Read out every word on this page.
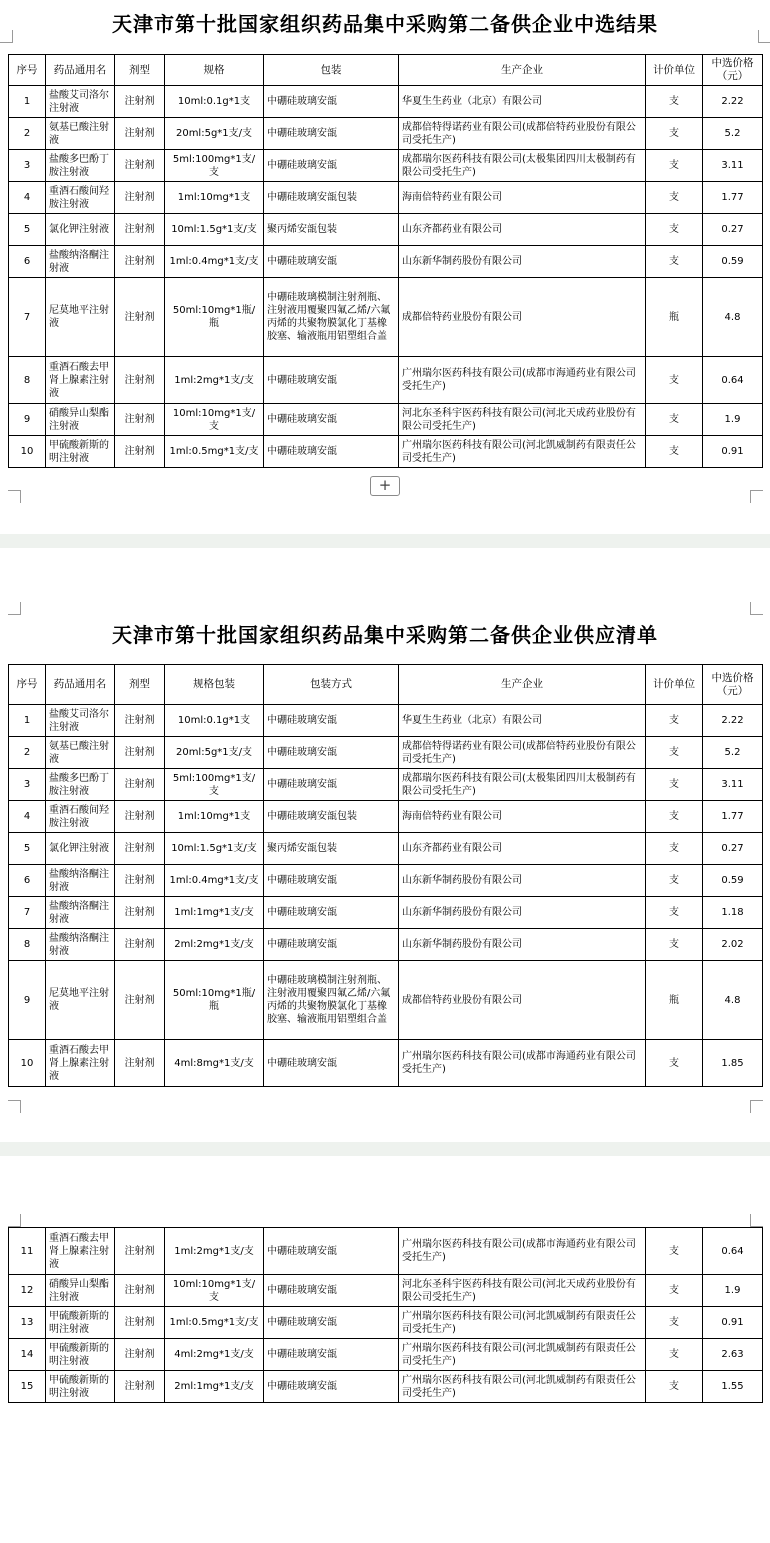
天津市第十批国家组织药品集中采购第二备供企业中选结果
序号	药品通用名	剂型	规格	包装	生产企业	计价单位	中选价格（元）
1	盐酸艾司洛尔注射液	注射剂	10ml:0.1g*1支	中硼硅玻璃安瓿	华夏生生药业（北京）有限公司	支	2.22
2	氨基已酸注射液	注射剂	20ml:5g*1支/支	中硼硅玻璃安瓿	成都倍特得诺药业有限公司(成都倍特药业股份有限公司受托生产)	支	5.2
3	盐酸多巴酚丁胺注射液	注射剂	5ml:100mg*1支/支	中硼硅玻璃安瓿	成都瑞尔医药科技有限公司(太极集团四川太极制药有限公司受托生产)	支	3.11
4	重酒石酸间羟胺注射液	注射剂	1ml:10mg*1支	中硼硅玻璃安瓿包装	海南倍特药业有限公司	支	1.77
5	氯化钾注射液	注射剂	10ml:1.5g*1支/支	聚丙烯安瓿包装	山东齐都药业有限公司	支	0.27
6	盐酸纳洛酮注射液	注射剂	1ml:0.4mg*1支/支	中硼硅玻璃安瓿	山东新华制药股份有限公司	支	0.59
7	尼莫地平注射液	注射剂	50ml:10mg*1瓶/瓶	中硼硅玻璃模制注射剂瓶、注射液用覆聚四氟乙烯/六氟丙烯的共聚物膜氯化丁基橡胶塞、输液瓶用铝塑组合盖	成都倍特药业股份有限公司	瓶	4.8
8	重酒石酸去甲肾上腺素注射液	注射剂	1ml:2mg*1支/支	中硼硅玻璃安瓿	广州瑞尔医药科技有限公司(成都市海通药业有限公司受托生产)	支	0.64
9	硝酸异山梨酯注射液	注射剂	10ml:10mg*1支/支	中硼硅玻璃安瓿	河北东圣科宇医药科技有限公司(河北天成药业股份有限公司受托生产)	支	1.9
10	甲硫酸新斯的明注射液	注射剂	1ml:0.5mg*1支/支	中硼硅玻璃安瓿	广州瑞尔医药科技有限公司(河北凯威制药有限责任公司受托生产)	支	0.91
+
天津市第十批国家组织药品集中采购第二备供企业供应清单
序号	药品通用名	剂型	规格包装	包装方式	生产企业	计价单位	中选价格（元）
1	盐酸艾司洛尔注射液	注射剂	10ml:0.1g*1支	中硼硅玻璃安瓿	华夏生生药业（北京）有限公司	支	2.22
2	氨基已酸注射液	注射剂	20ml:5g*1支/支	中硼硅玻璃安瓿	成都倍特得诺药业有限公司(成都倍特药业股份有限公司受托生产)	支	5.2
3	盐酸多巴酚丁胺注射液	注射剂	5ml:100mg*1支/支	中硼硅玻璃安瓿	成都瑞尔医药科技有限公司(太极集团四川太极制药有限公司受托生产)	支	3.11
4	重酒石酸间羟胺注射液	注射剂	1ml:10mg*1支	中硼硅玻璃安瓿包装	海南倍特药业有限公司	支	1.77
5	氯化钾注射液	注射剂	10ml:1.5g*1支/支	聚丙烯安瓿包装	山东齐都药业有限公司	支	0.27
6	盐酸纳洛酮注射液	注射剂	1ml:0.4mg*1支/支	中硼硅玻璃安瓿	山东新华制药股份有限公司	支	0.59
7	盐酸纳洛酮注射液	注射剂	1ml:1mg*1支/支	中硼硅玻璃安瓿	山东新华制药股份有限公司	支	1.18
8	盐酸纳洛酮注射液	注射剂	2ml:2mg*1支/支	中硼硅玻璃安瓿	山东新华制药股份有限公司	支	2.02
9	尼莫地平注射液	注射剂	50ml:10mg*1瓶/瓶	中硼硅玻璃模制注射剂瓶、注射液用覆聚四氟乙烯/六氟丙烯的共聚物膜氯化丁基橡胶塞、输液瓶用铝塑组合盖	成都倍特药业股份有限公司	瓶	4.8
10	重酒石酸去甲肾上腺素注射液	注射剂	4ml:8mg*1支/支	中硼硅玻璃安瓿	广州瑞尔医药科技有限公司(成都市海通药业有限公司受托生产)	支	1.85
11	重酒石酸去甲肾上腺素注射液	注射剂	1ml:2mg*1支/支	中硼硅玻璃安瓿	广州瑞尔医药科技有限公司(成都市海通药业有限公司受托生产)	支	0.64
12	硝酸异山梨酯注射液	注射剂	10ml:10mg*1支/支	中硼硅玻璃安瓿	河北东圣科宇医药科技有限公司(河北天成药业股份有限公司受托生产)	支	1.9
13	甲硫酸新斯的明注射液	注射剂	1ml:0.5mg*1支/支	中硼硅玻璃安瓿	广州瑞尔医药科技有限公司(河北凯威制药有限责任公司受托生产)	支	0.91
14	甲硫酸新斯的明注射液	注射剂	4ml:2mg*1支/支	中硼硅玻璃安瓿	广州瑞尔医药科技有限公司(河北凯威制药有限责任公司受托生产)	支	2.63
15	甲硫酸新斯的明注射液	注射剂	2ml:1mg*1支/支	中硼硅玻璃安瓿	广州瑞尔医药科技有限公司(河北凯威制药有限责任公司受托生产)	支	1.55
